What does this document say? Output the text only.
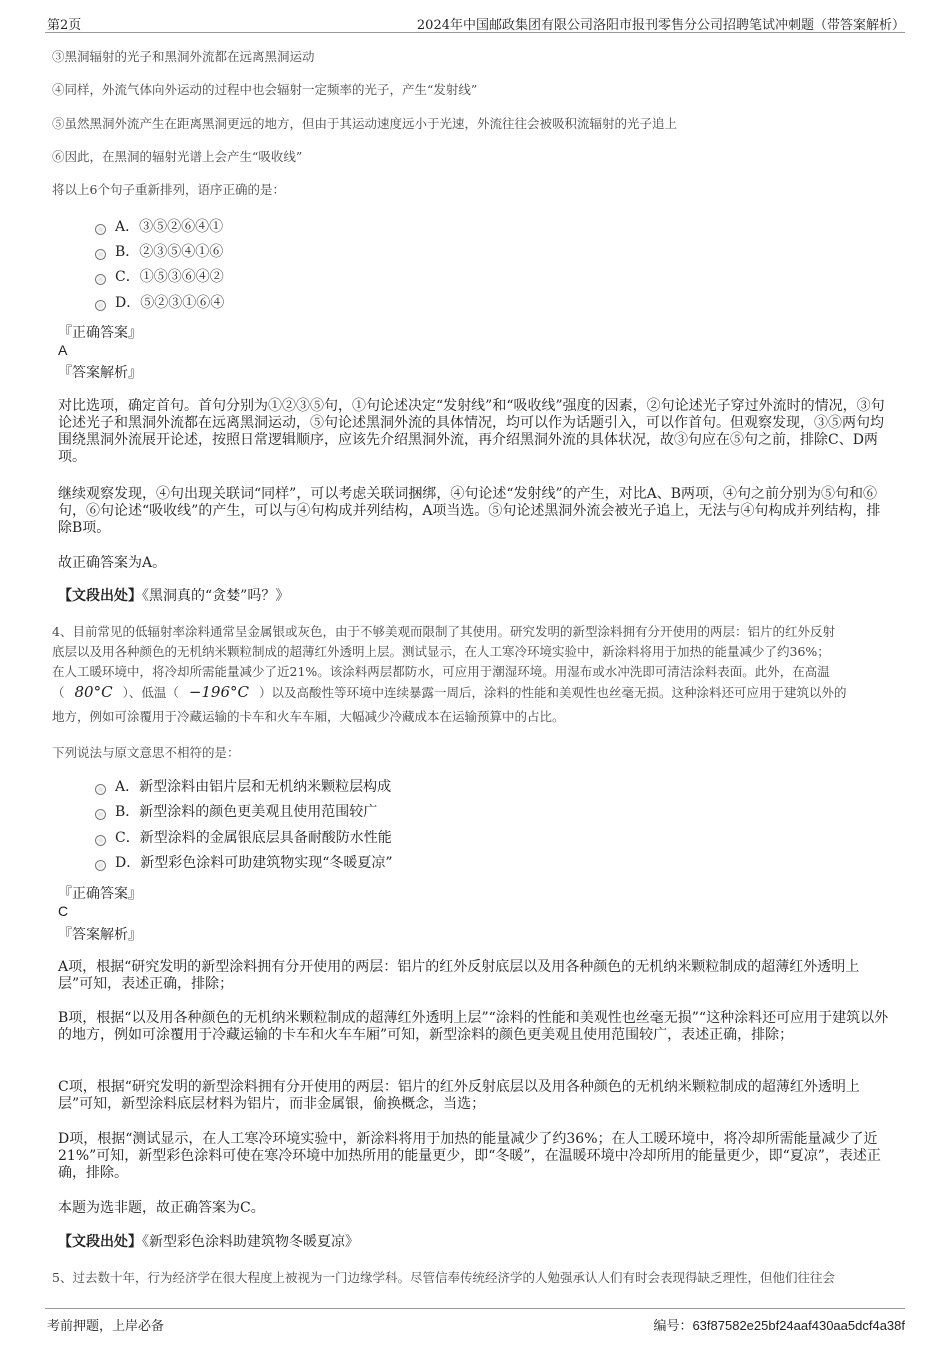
第2页	2024年中国邮政集团有限公司洛阳市报刊零售分公司招聘笔试冲刺题（带答案解析）
③黑洞辐射的光子和黑洞外流都在远离黑洞运动
④同样，外流气体向外运动的过程中也会辐射一定频率的光子，产生“发射线”
⑤虽然黑洞外流产生在距离黑洞更远的地方，但由于其运动速度远小于光速，外流往往会被吸积流辐射的光子追上
⑥因此，在黑洞的辐射光谱上会产生“吸收线”
将以上6个句子重新排列，语序正确的是：
A．③⑤②⑥④①
B．②③⑤④①⑥
C．①⑤③⑥④②
D．⑤②③①⑥④
『正确答案』
A
『答案解析』
对比选项，确定首句。首句分别为①②③⑤句，①句论述决定“发射线”和“吸收线”强度的因素，②句论述光子穿过外流时的情况，③句论述光子和黑洞外流都在远离黑洞运动，⑤句论述黑洞外流的具体情况，均可以作为话题引入，可以作首句。但观察发现，③⑤两句均围绕黑洞外流展开论述，按照日常逻辑顺序，应该先介绍黑洞外流，再介绍黑洞外流的具体状况，故③句应在⑤句之前，排除C、D两项。
继续观察发现，④句出现关联词“同样”，可以考虑关联词捆绑，④句论述“发射线”的产生，对比A、B两项，④句之前分别为⑤句和⑥句，⑥句论述“吸收线”的产生，可以与④句构成并列结构，A项当选。⑤句论述黑洞外流会被光子追上，无法与④句构成并列结构，排除B项。
故正确答案为A。
【文段出处】《黑洞真的“贪婪”吗？》
4、目前常见的低辐射率涂料通常呈金属银或灰色，由于不够美观而限制了其使用。研究发明的新型涂料拥有分开使用的两层：铝片的红外反射
底层以及用各种颜色的无机纳米颗粒制成的超薄红外透明上层。测试显示，在人工寒冷环境实验中，新涂料将用于加热的能量减少了约36%；
在人工暖环境中，将冷却所需能量减少了近21%。该涂料两层都防水，可应用于潮湿环境。用湿布或水冲洗即可清洁涂料表面。此外，在高温
（ 80°C ）、低温（ −196°C ）以及高酸性等环境中连续暴露一周后，涂料的性能和美观性也丝毫无损。这种涂料还可应用于建筑以外的
地方，例如可涂覆用于冷藏运输的卡车和火车车厢，大幅减少冷藏成本在运输预算中的占比。
下列说法与原文意思不相符的是：
A．新型涂料由铝片层和无机纳米颗粒层构成
B．新型涂料的颜色更美观且使用范围较广
C．新型涂料的金属银底层具备耐酸防水性能
D．新型彩色涂料可助建筑物实现“冬暖夏凉”
『正确答案』
C
『答案解析』
A项，根据“研究发明的新型涂料拥有分开使用的两层：铝片的红外反射底层以及用各种颜色的无机纳米颗粒制成的超薄红外透明上层”可知，表述正确，排除；
B项，根据“以及用各种颜色的无机纳米颗粒制成的超薄红外透明上层”“涂料的性能和美观性也丝毫无损”“这种涂料还可应用于建筑以外的地方，例如可涂覆用于冷藏运输的卡车和火车车厢”可知，新型涂料的颜色更美观且使用范围较广，表述正确，排除；
C项，根据“研究发明的新型涂料拥有分开使用的两层：铝片的红外反射底层以及用各种颜色的无机纳米颗粒制成的超薄红外透明上层”可知，新型涂料底层材料为铝片，而非金属银，偷换概念，当选；
D项，根据“测试显示，在人工寒冷环境实验中，新涂料将用于加热的能量减少了约36%；在人工暖环境中，将冷却所需能量减少了近21%”可知，新型彩色涂料可使在寒冷环境中加热所用的能量更少，即“冬暖”，在温暖环境中冷却所用的能量更少，即“夏凉”，表述正确，排除。
本题为选非题，故正确答案为C。
【文段出处】《新型彩色涂料助建筑物冬暖夏凉》
5、过去数十年，行为经济学在很大程度上被视为一门边缘学科。尽管信奉传统经济学的人勉强承认人们有时会表现得缺乏理性，但他们往往会
考前押题，上岸必备	编号：63f87582e25bf24aaf430aa5dcf4a38f
